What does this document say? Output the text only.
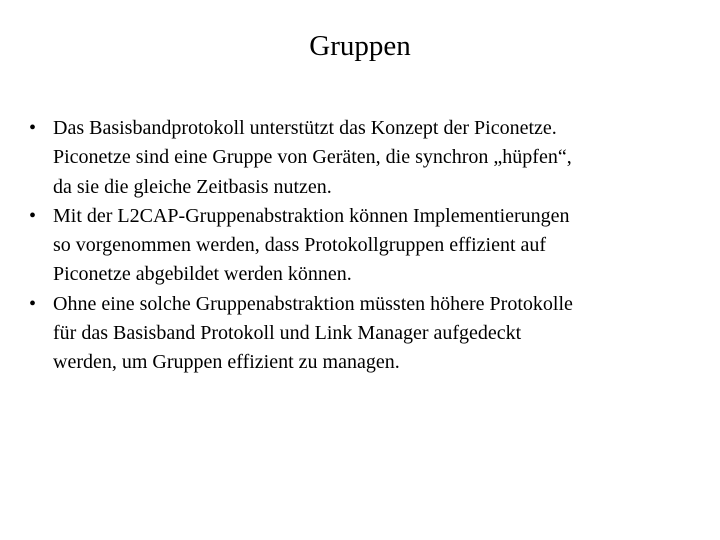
Gruppen
• Das Basisbandprotokoll unterstützt das Konzept der Piconetze.
Piconetze sind eine Gruppe von Geräten, die synchron „hüpfen“,
da sie die gleiche Zeitbasis nutzen.
• Mit der L2CAP-Gruppenabstraktion können Implementierungen
so vorgenommen werden, dass Protokollgruppen effizient auf
Piconetze abgebildet werden können.
• Ohne eine solche Gruppenabstraktion müssten höhere Protokolle
für das Basisband Protokoll und Link Manager aufgedeckt
werden, um Gruppen effizient zu managen.
